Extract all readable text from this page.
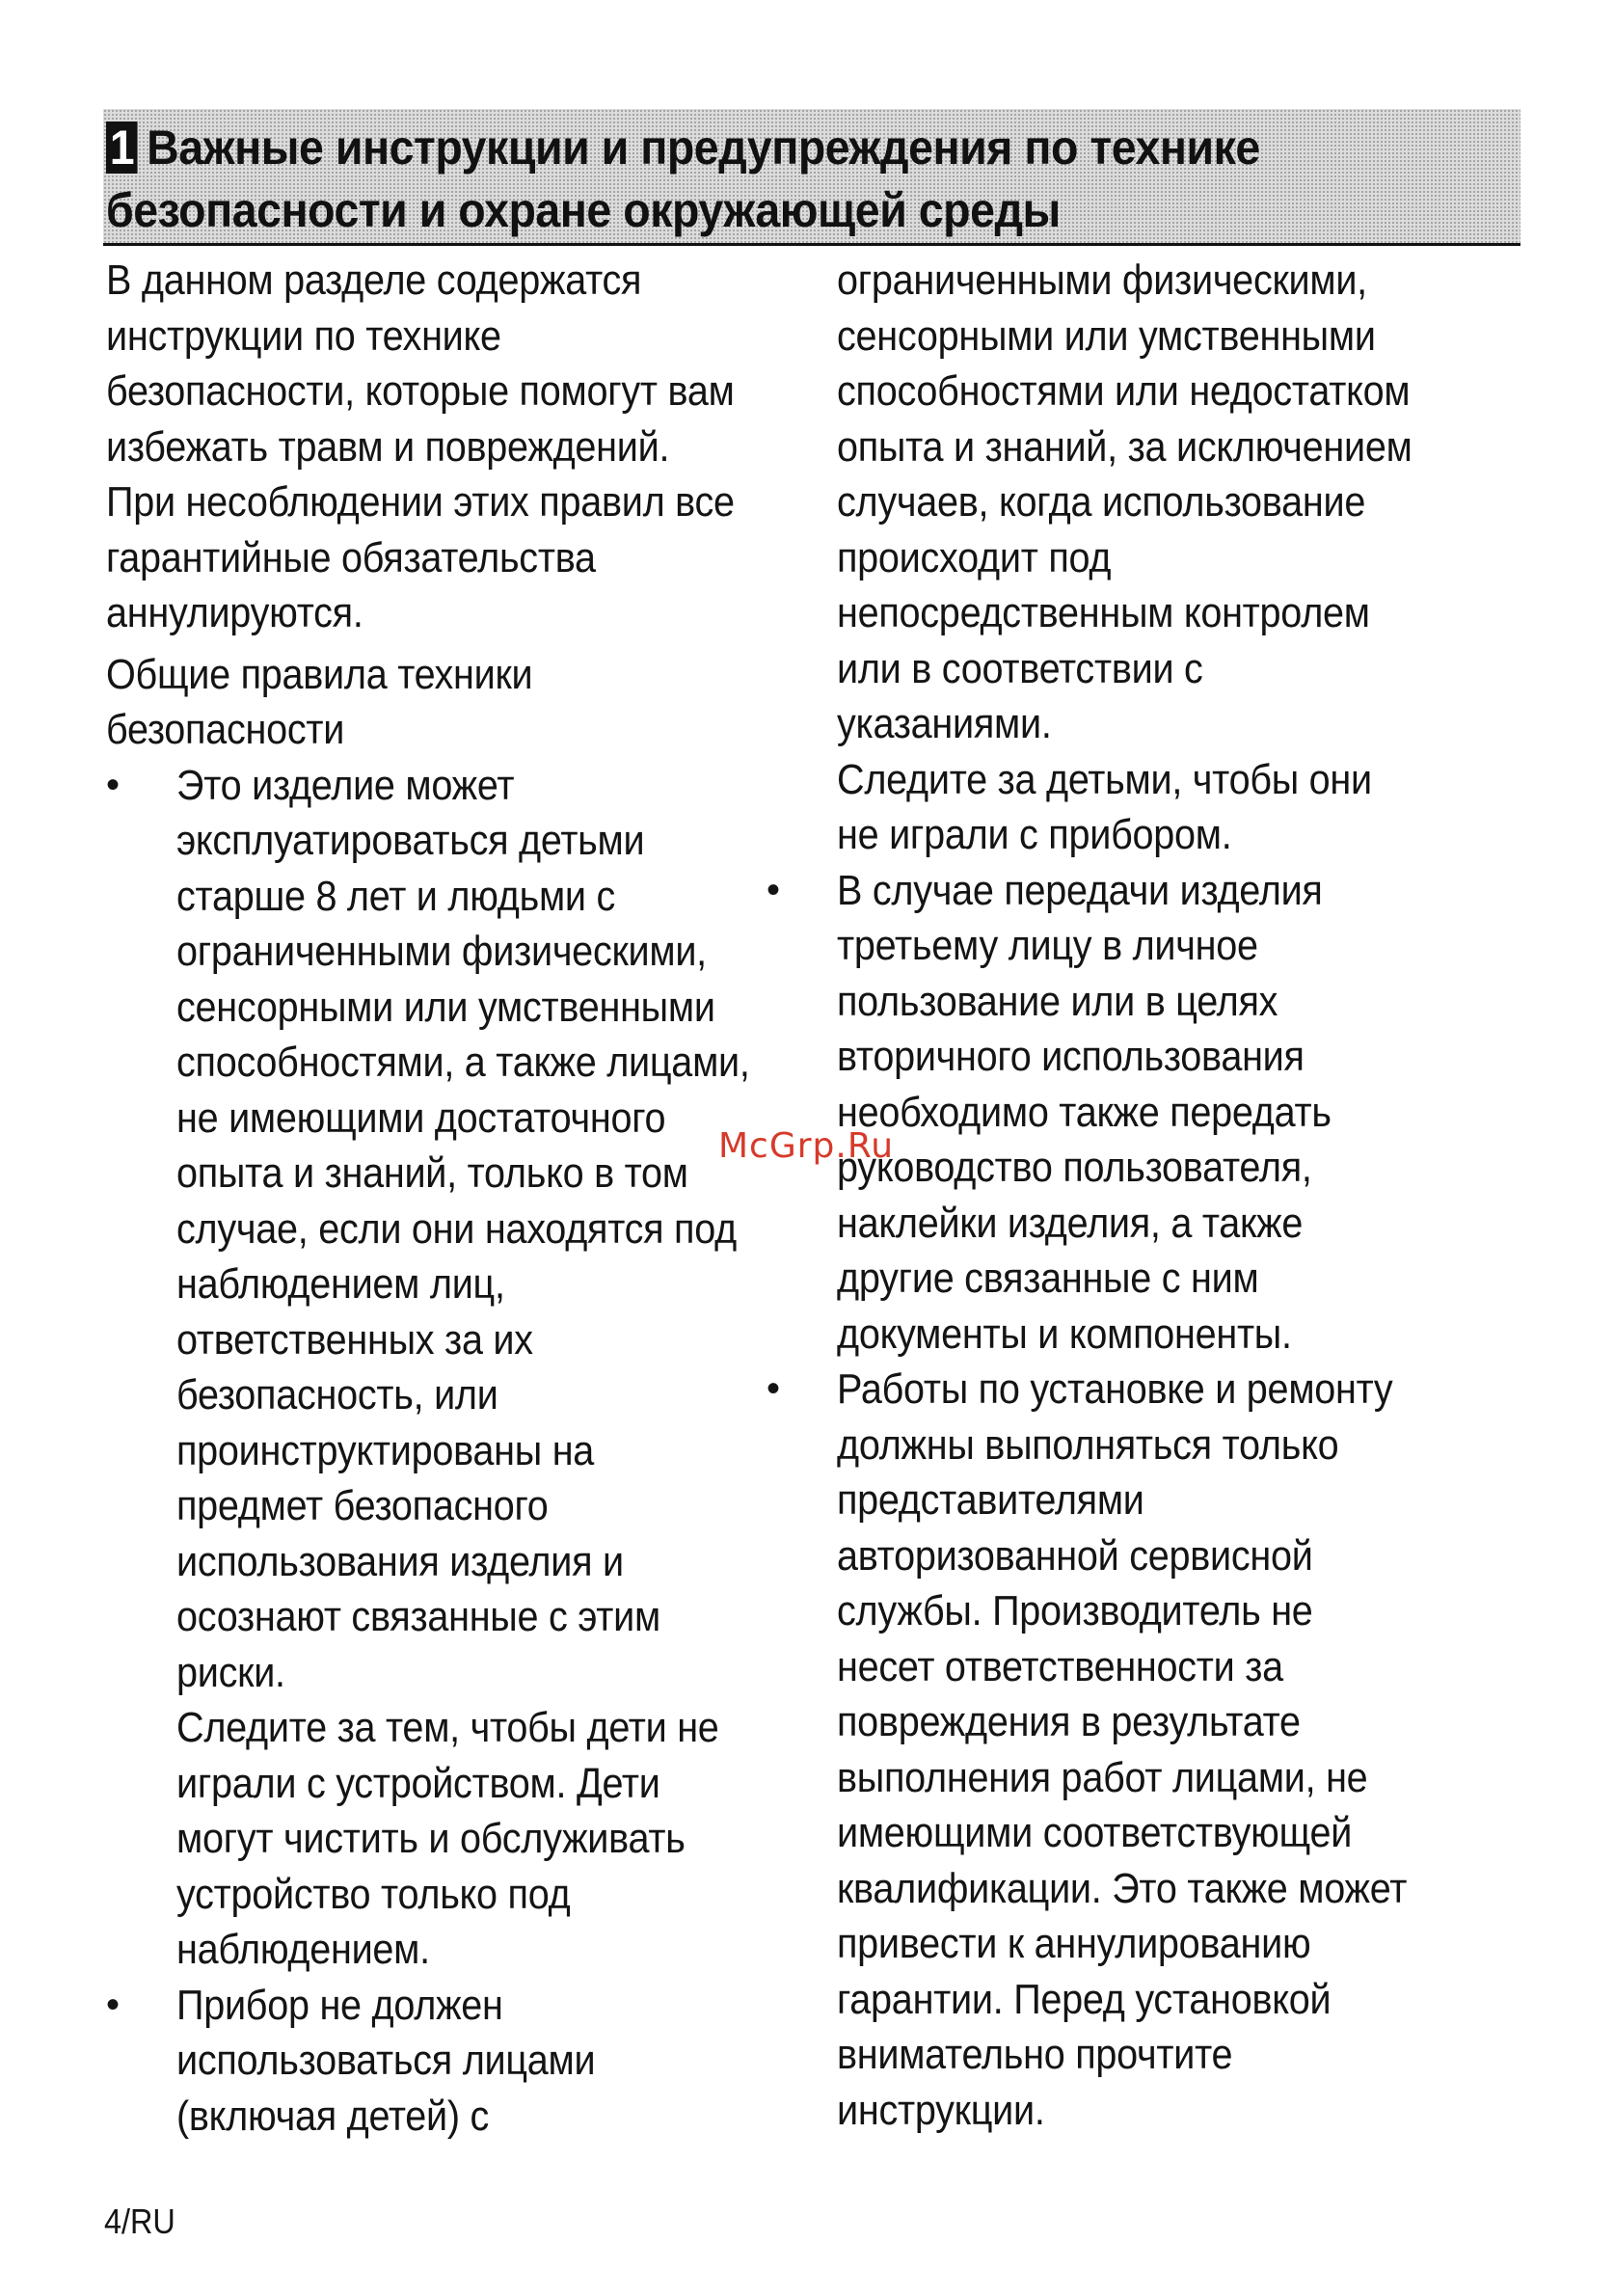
1 Важные инструкции и предупреждения по технике
безопасности и охране окружающей среды
В данном разделе содержатся
инструкции по технике
безопасности, которые помогут вам
избежать травм и повреждений.
При несоблюдении этих правил все
гарантийные обязательства
аннулируются.
Общие правила техники
безопасности
•	Это изделие может
эксплуатироваться детьми
старше 8 лет и людьми с
ограниченными физическими,
сенсорными или умственными
способностями, а также лицами,
не имеющими достаточного
опыта и знаний, только в том
случае, если они находятся под
наблюдением лиц,
ответственных за их
безопасность, или
проинструктированы на
предмет безопасного
использования изделия и
осознают связанные с этим
риски.
Следите за тем, чтобы дети не
играли с устройством. Дети
могут чистить и обслуживать
устройство только под
наблюдением.
•	Прибор не должен
использоваться лицами
(включая детей) с
ограниченными физическими,
сенсорными или умственными
способностями или недостатком
опыта и знаний, за исключением
случаев, когда использование
происходит под
непосредственным контролем
или в соответствии с
указаниями.
Следите за детьми, чтобы они
не играли с прибором.
•	В случае передачи изделия
третьему лицу в личное
пользование или в целях
вторичного использования
необходимо также передать
руководство пользователя,
наклейки изделия, а также
другие связанные с ним
документы и компоненты.
•	Работы по установке и ремонту
должны выполняться только
представителями
авторизованной сервисной
службы. Производитель не
несет ответственности за
повреждения в результате
выполнения работ лицами, не
имеющими соответствующей
квалификации. Это также может
привести к аннулированию
гарантии. Перед установкой
внимательно прочтите
инструкции.
McGrp.Ru
4/RU
